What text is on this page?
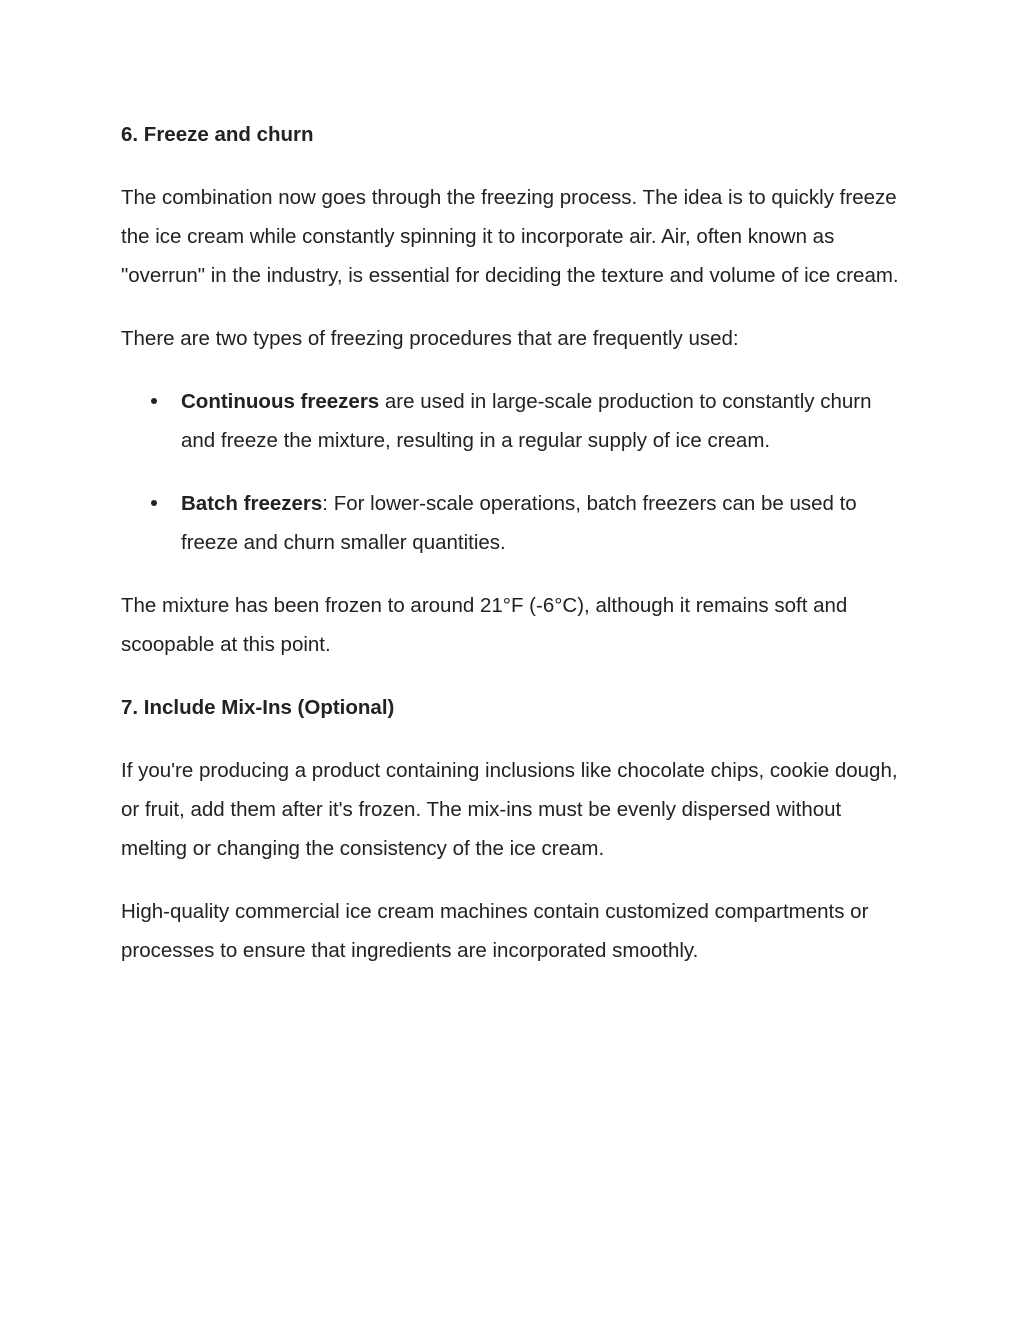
6. Freeze and churn
The combination now goes through the freezing process. The idea is to quickly freeze the ice cream while constantly spinning it to incorporate air. Air, often known as "overrun" in the industry, is essential for deciding the texture and volume of ice cream.
There are two types of freezing procedures that are frequently used:
Continuous freezers are used in large-scale production to constantly churn and freeze the mixture, resulting in a regular supply of ice cream.
Batch freezers: For lower-scale operations, batch freezers can be used to freeze and churn smaller quantities.
The mixture has been frozen to around 21°F (-6°C), although it remains soft and scoopable at this point.
7. Include Mix-Ins (Optional)
If you're producing a product containing inclusions like chocolate chips, cookie dough, or fruit, add them after it's frozen. The mix-ins must be evenly dispersed without melting or changing the consistency of the ice cream.
High-quality commercial ice cream machines contain customized compartments or processes to ensure that ingredients are incorporated smoothly.
